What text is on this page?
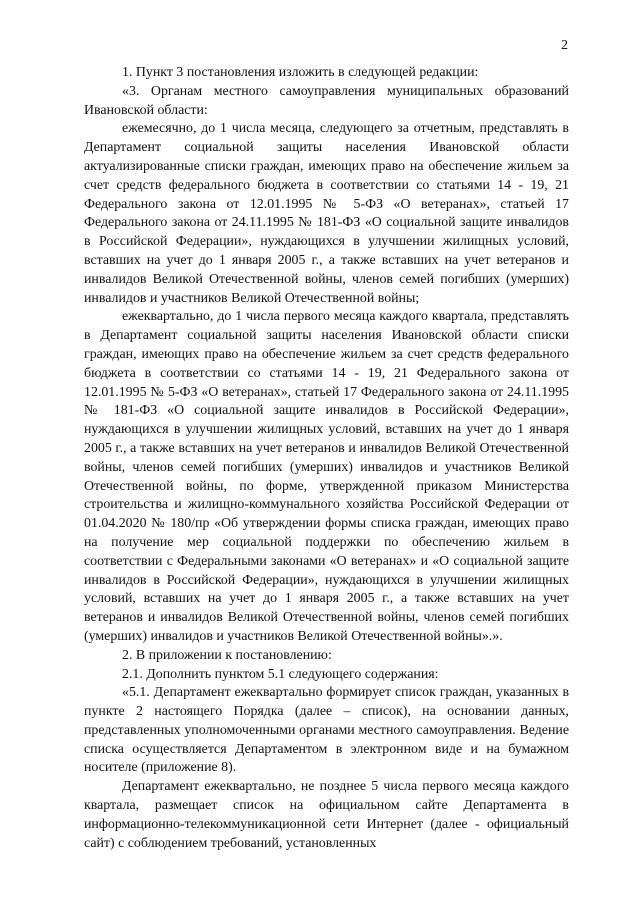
2

1. Пункт 3 постановления изложить в следующей редакции:

«3. Органам местного самоуправления муниципальных образований Ивановской области:

ежемесячно, до 1 числа месяца, следующего за отчетным, представлять в Департамент социальной защиты населения Ивановской области актуализированные списки граждан, имеющих право на обеспечение жильем за счет средств федерального бюджета в соответствии со статьями 14 - 19, 21 Федерального закона от 12.01.1995 № 5-ФЗ «О ветеранах», статьей 17 Федерального закона от 24.11.1995 № 181-ФЗ «О социальной защите инвалидов в Российской Федерации», нуждающихся в улучшении жилищных условий, вставших на учет до 1 января 2005 г., а также вставших на учет ветеранов и инвалидов Великой Отечественной войны, членов семей погибших (умерших) инвалидов и участников Великой Отечественной войны;

ежеквартально, до 1 числа первого месяца каждого квартала, представлять в Департамент социальной защиты населения Ивановской области списки граждан, имеющих право на обеспечение жильем за счет средств федерального бюджета в соответствии со статьями 14 - 19, 21 Федерального закона от 12.01.1995 № 5-ФЗ «О ветеранах», статьей 17 Федерального закона от 24.11.1995 № 181-ФЗ «О социальной защите инвалидов в Российской Федерации», нуждающихся в улучшении жилищных условий, вставших на учет до 1 января 2005 г., а также вставших на учет ветеранов и инвалидов Великой Отечественной войны, членов семей погибших (умерших) инвалидов и участников Великой Отечественной войны, по форме, утвержденной приказом Министерства строительства и жилищно-коммунального хозяйства Российской Федерации от 01.04.2020 № 180/пр «Об утверждении формы списка граждан, имеющих право на получение мер социальной поддержки по обеспечению жильем в соответствии с Федеральными законами «О ветеранах» и «О социальной защите инвалидов в Российской Федерации», нуждающихся в улучшении жилищных условий, вставших на учет до 1 января 2005 г., а также вставших на учет ветеранов и инвалидов Великой Отечественной войны, членов семей погибших (умерших) инвалидов и участников Великой Отечественной войны».».

2. В приложении к постановлению:

2.1. Дополнить пунктом 5.1 следующего содержания:

«5.1. Департамент ежеквартально формирует список граждан, указанных в пункте 2 настоящего Порядка (далее – список), на основании данных, представленных уполномоченными органами местного самоуправления. Ведение списка осуществляется Департаментом в электронном виде и на бумажном носителе (приложение 8).

Департамент ежеквартально, не позднее 5 числа первого месяца каждого квартала, размещает список на официальном сайте Департамента в информационно-телекоммуникационной сети Интернет (далее - официальный сайт) с соблюдением требований, установленных
